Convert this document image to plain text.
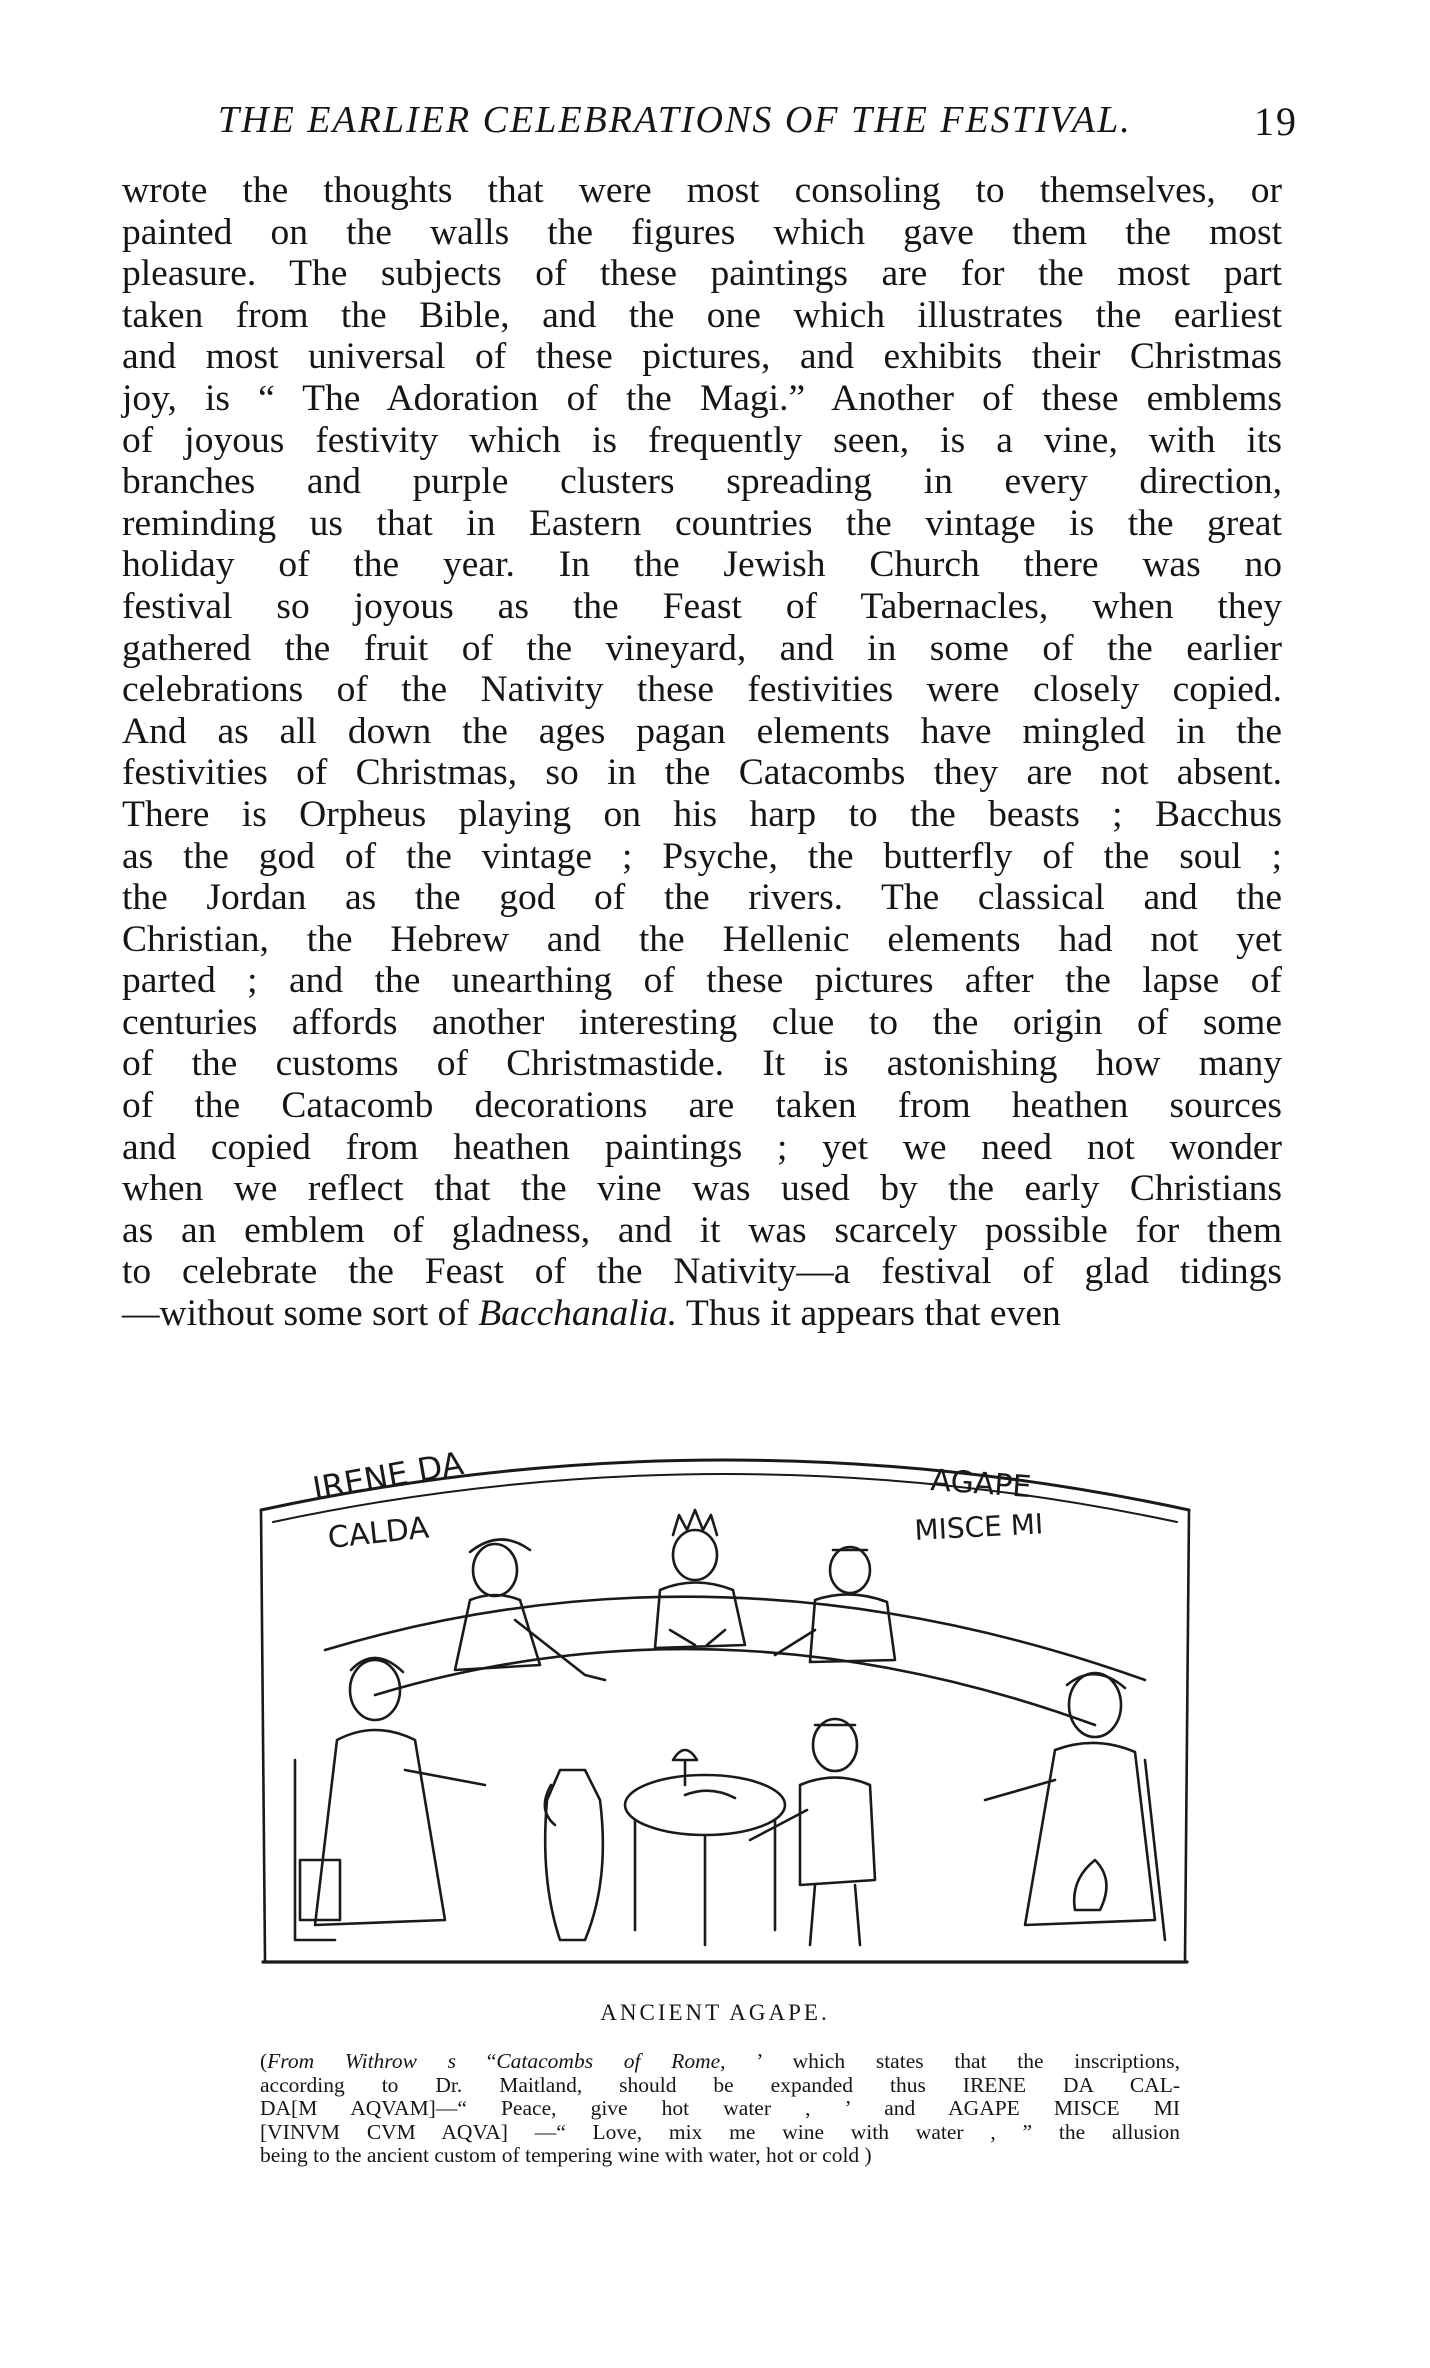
THE EARLIER CELEBRATIONS OF THE FESTIVAL.	19
wrote the thoughts that were most consoling to themselves, or
painted on the walls the figures which gave them the most
pleasure. The subjects of these paintings are for the most part
taken from the Bible, and the one which illustrates the earliest
and most universal of these pictures, and exhibits their Christmas
joy, is “ The Adoration of the Magi.” Another of these emblems
of joyous festivity which is frequently seen, is a vine, with its
branches and purple clusters spreading in every direction,
reminding us that in Eastern countries the vintage is the great
holiday of the year. In the Jewish Church there was no
festival so joyous as the Feast of Tabernacles, when they
gathered the fruit of the vineyard, and in some of the earlier
celebrations of the Nativity these festivities were closely copied.
And as all down the ages pagan elements have mingled in the
festivities of Christmas, so in the Catacombs they are not absent.
There is Orpheus playing on his harp to the beasts ; Bacchus
as the god of the vintage ; Psyche, the butterfly of the soul ;
the Jordan as the god of the rivers. The classical and the
Christian, the Hebrew and the Hellenic elements had not yet
parted ; and the unearthing of these pictures after the lapse of
centuries affords another interesting clue to the origin of some
of the customs of Christmastide. It is astonishing how many
of the Catacomb decorations are taken from heathen sources
and copied from heathen paintings ; yet we need not wonder
when we reflect that the vine was used by the early Christians
as an emblem of gladness, and it was scarcely possible for them
to celebrate the Feast of the Nativity—a festival of glad tidings
—without some sort of Bacchanalia. Thus it appears that even
IRENE DA
CALDA
AGAPE
MISCE MI
ANCIENT AGAPE.
(From Withrow s “Catacombs of Rome, ’ which states that the inscriptions,
according to Dr. Maitland, should be expanded thus IRENE DA CAL-
DA[M AQVAM]—“ Peace, give hot water , ’ and AGAPE MISCE MI
[VINVM CVM AQVA] —“ Love, mix me wine with water , ” the allusion
being to the ancient custom of tempering wine with water, hot or cold )
